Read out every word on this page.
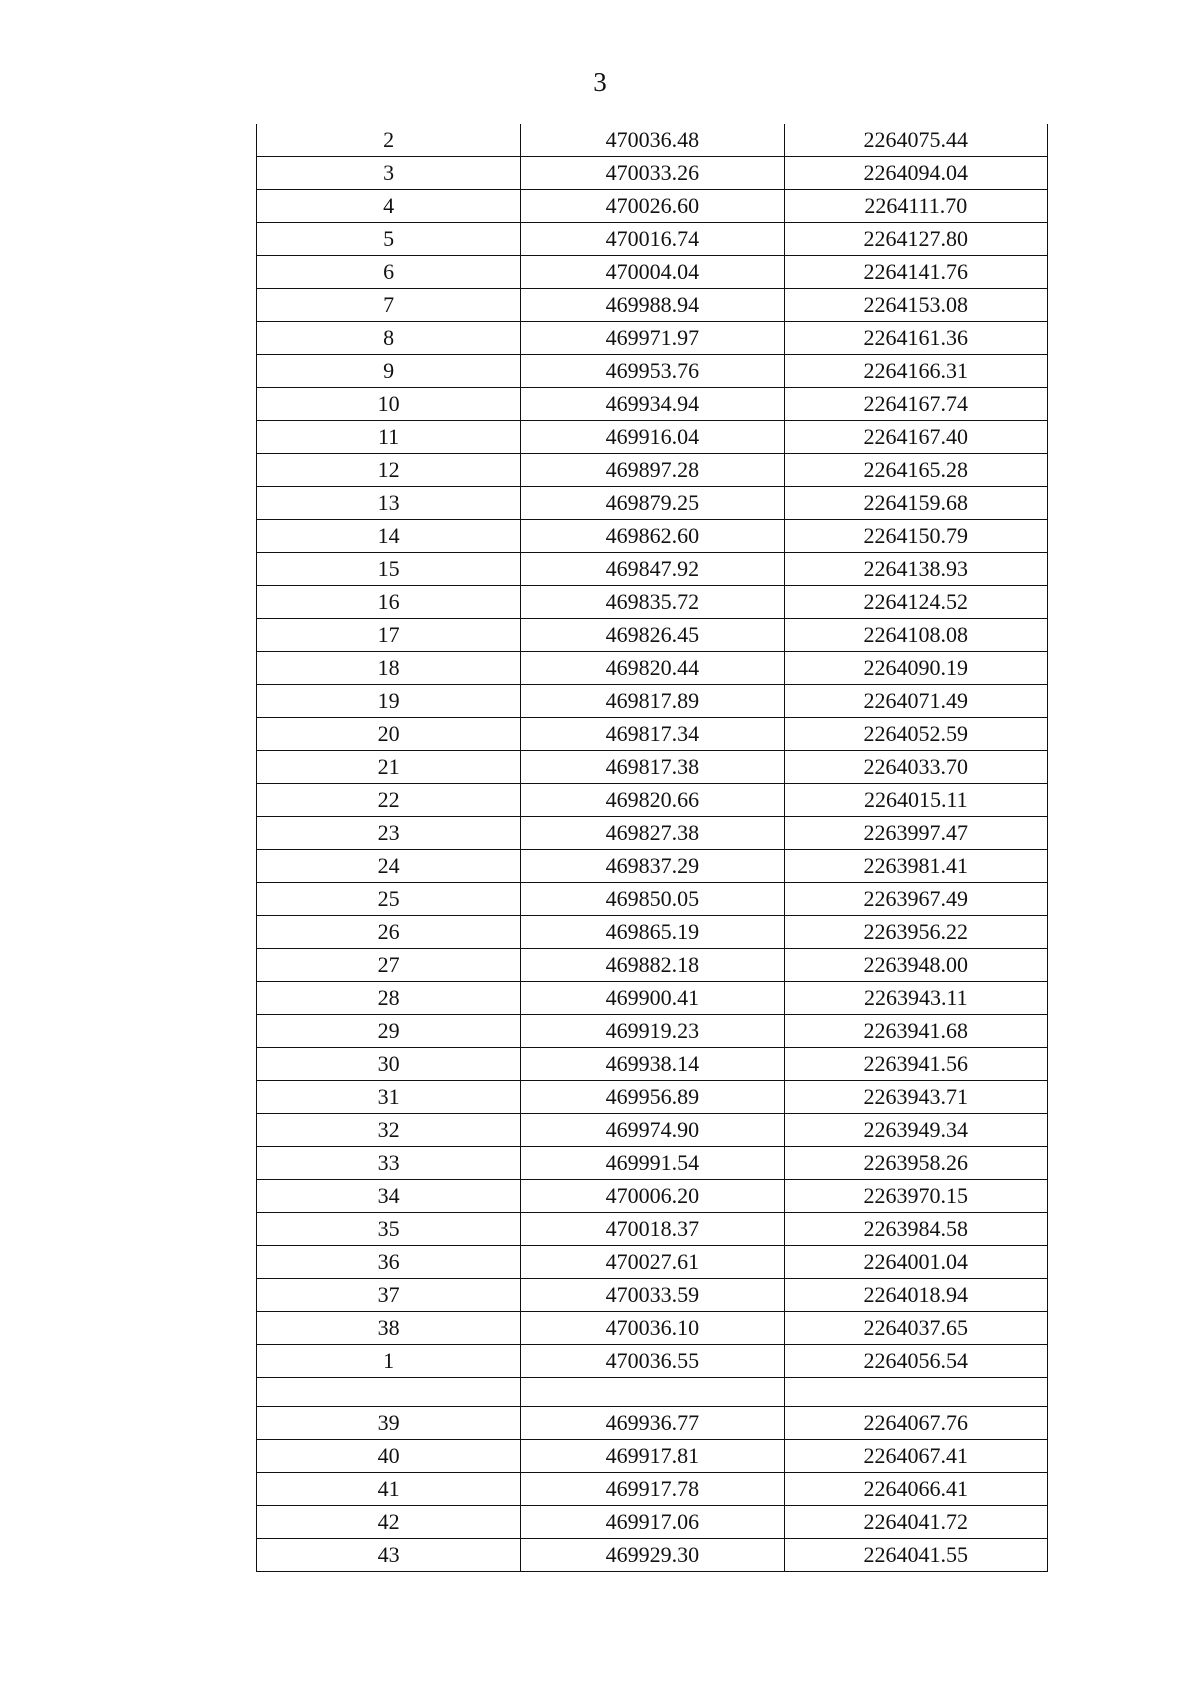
3
2	470036.48	2264075.44
3	470033.26	2264094.04
4	470026.60	2264111.70
5	470016.74	2264127.80
6	470004.04	2264141.76
7	469988.94	2264153.08
8	469971.97	2264161.36
9	469953.76	2264166.31
10	469934.94	2264167.74
11	469916.04	2264167.40
12	469897.28	2264165.28
13	469879.25	2264159.68
14	469862.60	2264150.79
15	469847.92	2264138.93
16	469835.72	2264124.52
17	469826.45	2264108.08
18	469820.44	2264090.19
19	469817.89	2264071.49
20	469817.34	2264052.59
21	469817.38	2264033.70
22	469820.66	2264015.11
23	469827.38	2263997.47
24	469837.29	2263981.41
25	469850.05	2263967.49
26	469865.19	2263956.22
27	469882.18	2263948.00
28	469900.41	2263943.11
29	469919.23	2263941.68
30	469938.14	2263941.56
31	469956.89	2263943.71
32	469974.90	2263949.34
33	469991.54	2263958.26
34	470006.20	2263970.15
35	470018.37	2263984.58
36	470027.61	2264001.04
37	470033.59	2264018.94
38	470036.10	2264037.65
1	470036.55	2264056.54

39	469936.77	2264067.76
40	469917.81	2264067.41
41	469917.78	2264066.41
42	469917.06	2264041.72
43	469929.30	2264041.55
